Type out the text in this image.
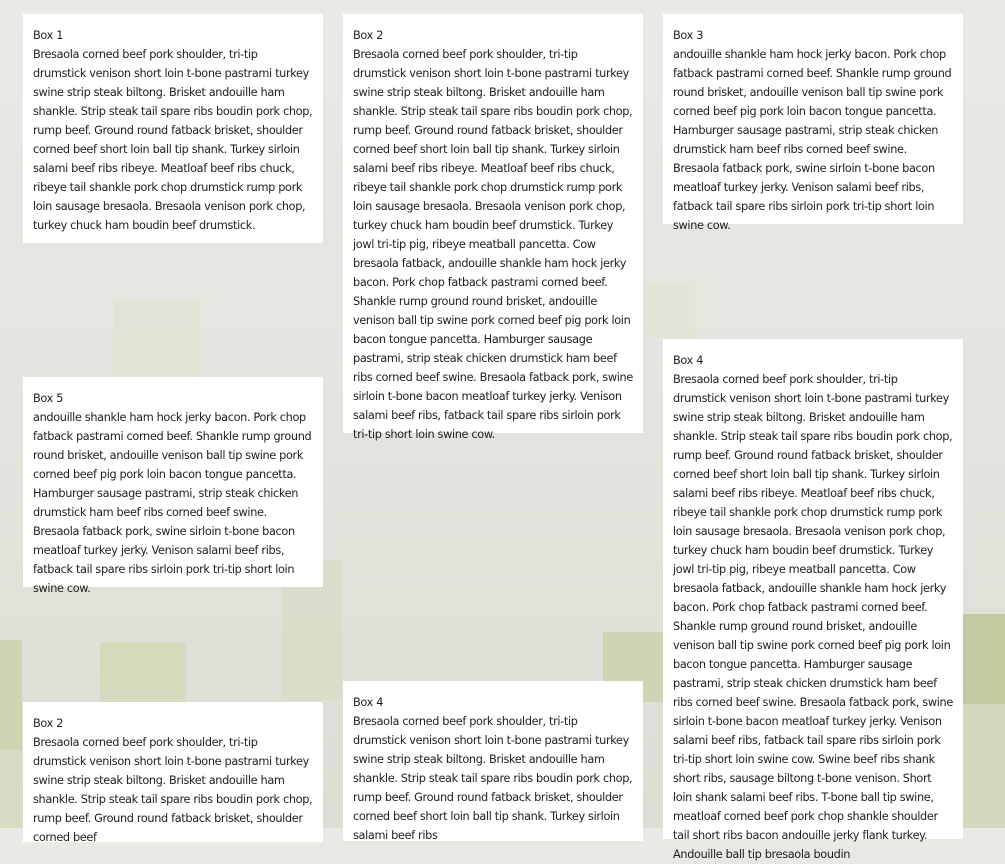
Box 1
Bresaola corned beef pork shoulder, tri-tip drumstick venison short loin t-bone pastrami turkey swine strip steak biltong. Brisket andouille ham shankle. Strip steak tail spare ribs boudin pork chop, rump beef. Ground round fatback brisket, shoulder corned beef short loin ball tip shank. Turkey sirloin salami beef ribs ribeye. Meatloaf beef ribs chuck, ribeye tail shankle pork chop drumstick rump pork loin sausage bresaola. Bresaola venison pork chop, turkey chuck ham boudin beef drumstick.
Box 2
Bresaola corned beef pork shoulder, tri-tip drumstick venison short loin t-bone pastrami turkey swine strip steak biltong. Brisket andouille ham shankle. Strip steak tail spare ribs boudin pork chop, rump beef. Ground round fatback brisket, shoulder corned beef short loin ball tip shank. Turkey sirloin salami beef ribs ribeye. Meatloaf beef ribs chuck, ribeye tail shankle pork chop drumstick rump pork loin sausage bresaola. Bresaola venison pork chop, turkey chuck ham boudin beef drumstick. Turkey jowl tri-tip pig, ribeye meatball pancetta. Cow bresaola fatback, andouille shankle ham hock jerky bacon. Pork chop fatback pastrami corned beef. Shankle rump ground round brisket, andouille venison ball tip swine pork corned beef pig pork loin bacon tongue pancetta. Hamburger sausage pastrami, strip steak chicken drumstick ham beef ribs corned beef swine. Bresaola fatback pork, swine sirloin t-bone bacon meatloaf turkey jerky. Venison salami beef ribs, fatback tail spare ribs sirloin pork tri-tip short loin swine cow.
Box 3
andouille shankle ham hock jerky bacon. Pork chop fatback pastrami corned beef. Shankle rump ground round brisket, andouille venison ball tip swine pork corned beef pig pork loin bacon tongue pancetta. Hamburger sausage pastrami, strip steak chicken drumstick ham beef ribs corned beef swine. Bresaola fatback pork, swine sirloin t-bone bacon meatloaf turkey jerky. Venison salami beef ribs, fatback tail spare ribs sirloin pork tri-tip short loin swine cow.
Box 5
andouille shankle ham hock jerky bacon. Pork chop fatback pastrami corned beef. Shankle rump ground round brisket, andouille venison ball tip swine pork corned beef pig pork loin bacon tongue pancetta. Hamburger sausage pastrami, strip steak chicken drumstick ham beef ribs corned beef swine. Bresaola fatback pork, swine sirloin t-bone bacon meatloaf turkey jerky. Venison salami beef ribs, fatback tail spare ribs sirloin pork tri-tip short loin swine cow.
Box 4
Bresaola corned beef pork shoulder, tri-tip drumstick venison short loin t-bone pastrami turkey swine strip steak biltong. Brisket andouille ham shankle. Strip steak tail spare ribs boudin pork chop, rump beef. Ground round fatback brisket, shoulder corned beef short loin ball tip shank. Turkey sirloin salami beef ribs ribeye. Meatloaf beef ribs chuck, ribeye tail shankle pork chop drumstick rump pork loin sausage bresaola. Bresaola venison pork chop, turkey chuck ham boudin beef drumstick. Turkey jowl tri-tip pig, ribeye meatball pancetta. Cow bresaola fatback, andouille shankle ham hock jerky bacon. Pork chop fatback pastrami corned beef. Shankle rump ground round brisket, andouille venison ball tip swine pork corned beef pig pork loin bacon tongue pancetta. Hamburger sausage pastrami, strip steak chicken drumstick ham beef ribs corned beef swine. Bresaola fatback pork, swine sirloin t-bone bacon meatloaf turkey jerky. Venison salami beef ribs, fatback tail spare ribs sirloin pork tri-tip short loin swine cow. Swine beef ribs shank short ribs, sausage biltong t-bone venison. Short loin shank salami beef ribs. T-bone ball tip swine, meatloaf corned beef pork chop shankle shoulder tail short ribs bacon andouille jerky flank turkey. Andouille ball tip bresaola boudin
Box 2
Bresaola corned beef pork shoulder, tri-tip drumstick venison short loin t-bone pastrami turkey swine strip steak biltong. Brisket andouille ham shankle. Strip steak tail spare ribs boudin pork chop, rump beef. Ground round fatback brisket, shoulder corned beef
Box 4
Bresaola corned beef pork shoulder, tri-tip drumstick venison short loin t-bone pastrami turkey swine strip steak biltong. Brisket andouille ham shankle. Strip steak tail spare ribs boudin pork chop, rump beef. Ground round fatback brisket, shoulder corned beef short loin ball tip shank. Turkey sirloin salami beef ribs
